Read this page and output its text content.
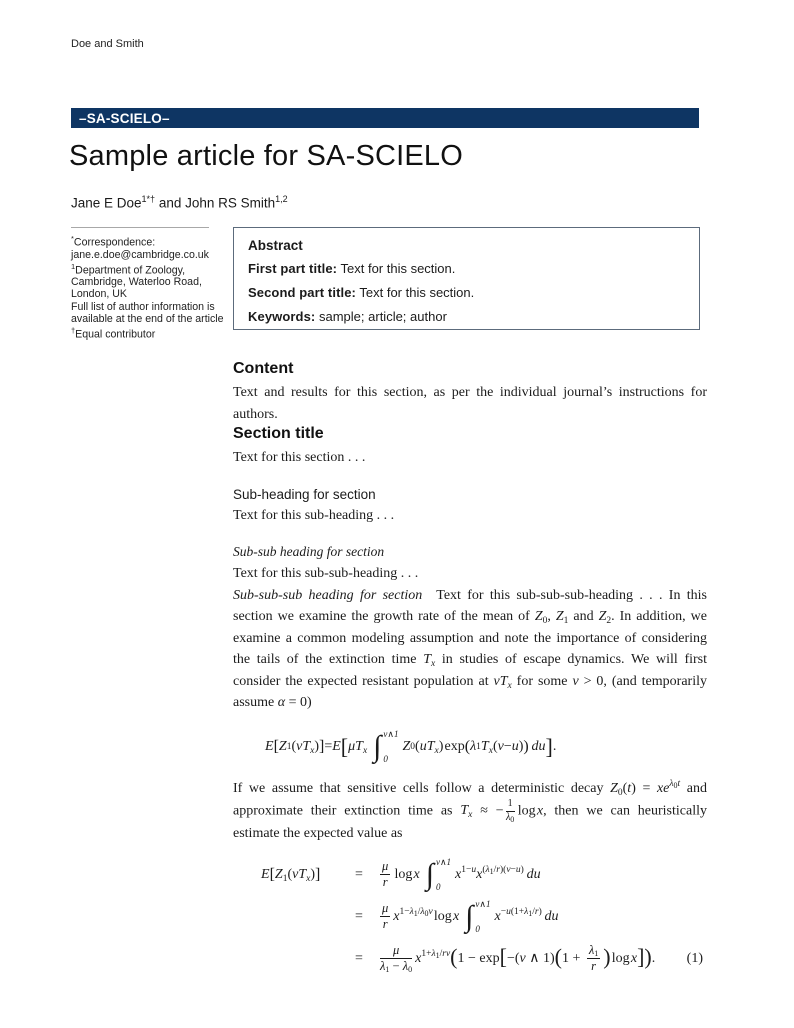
Doe and Smith
–SA-SCIELO–
Sample article for SA-SCIELO
Jane E Doe$^{1*\dagger}$ and John RS Smith$^{1,2}$
*Correspondence:
jane.e.doe@cambridge.co.uk
$^1$Department of Zoology,
Cambridge, Waterloo Road,
London, UK
Full list of author information is
available at the end of the article
†Equal contributor
Abstract
First part title: Text for this section.
Second part title: Text for this section.
Keywords: sample; article; author
Content

Text and results for this section, as per the individual journal’s instructions for authors.

Section title

Text for this section . . .

Sub-heading for section

Text for this sub-heading . . .

Sub-sub heading for section

Text for this sub-sub-heading . . .

Sub-sub-sub heading for section Text for this sub-sub-sub-heading . . . In this section we examine the growth rate of the mean of $Z_0$, $Z_1$ and $Z_2$. In addition, we examine a common modeling assumption and note the importance of considering the tails of the extinction time $T_x$ in studies of escape dynamics. We will first consider the expected resistant population at $vT_x$ for some v > 0, (and temporarily assume α = 0)

E [ Z 1 ( $vT_x$ ) ] = E [ $\mu T_x$ ∫ v∧1
0
Z 0 ( $uT_x$ ) exp ( λ 1 $T_x$ ( v − u ) )
  du ] .

If we assume that sensitive cells follow a deterministic decay $Z_0(t) = xe^{\lambda_0t}$ and approximate their extinction time as $T_x$ ≈ − $\frac{1}{\lambda_0}$  log x, then we can heuristically estimate the expected value as

$E[Z_1(vT_x)]$	=	$\frac{\mu}{r}$  log x ∫ v∧1
0
$x^{1-u}x^{(\lambda_1/r)(v-u)}$  du
=	$\frac{\mu}{r} x^{1-\lambda_1/\lambda_0v}$ log x ∫ v∧1
0
$x^{-u(1+\lambda_1/r)}$  du
=	$\frac{\mu}{\lambda_1 - \lambda_0} x^{1+\lambda_1/rv}(1 - \exp[-(v$ ∧ $1)(1 + \frac{\lambda_1}{r}$ ) log x]).	(1)
